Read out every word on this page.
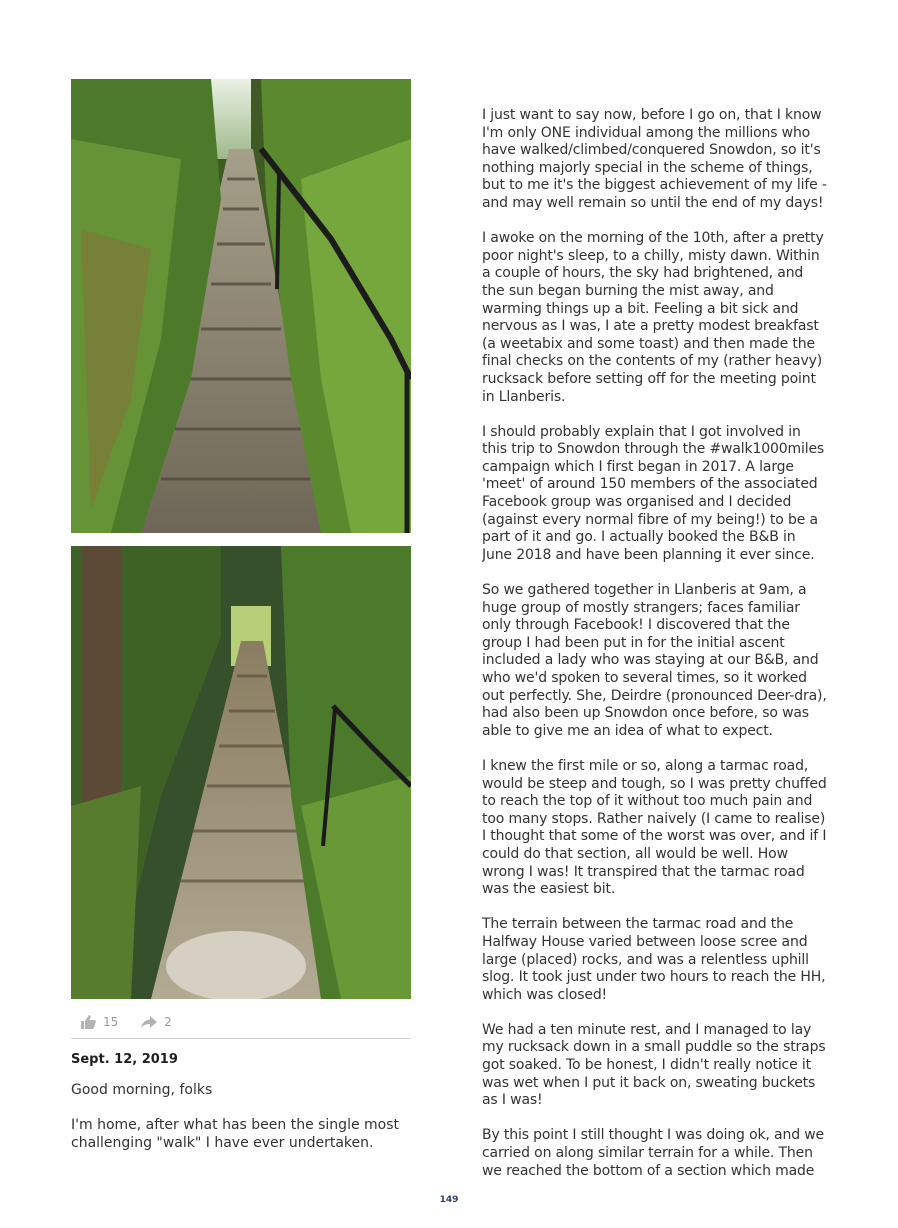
15	2
Sept. 12, 2019
Good morning, folks
I'm home, after what has been the single most challenging "walk" I have ever undertaken.

I just want to say now, before I go on, that I know I'm only ONE individual among the millions who have walked/climbed/conquered Snowdon, so it's nothing majorly special in the scheme of things, but to me it's the biggest achievement of my life - and may well remain so until the end of my days!

I awoke on the morning of the 10th, after a pretty poor night's sleep, to a chilly, misty dawn. Within a couple of hours, the sky had brightened, and the sun began burning the mist away, and warming things up a bit. Feeling a bit sick and nervous as I was, I ate a pretty modest breakfast (a weetabix and some toast) and then made the final checks on the contents of my (rather heavy) rucksack before setting off for the meeting point in Llanberis.

I should probably explain that I got involved in this trip to Snowdon through the #walk1000miles campaign which I first began in 2017. A large 'meet' of around 150 members of the associated Facebook group was organised and I decided (against every normal fibre of my being!) to be a part of it and go. I actually booked the B&B in June 2018 and have been planning it ever since.

So we gathered together in Llanberis at 9am, a huge group of mostly strangers; faces familiar only through Facebook! I discovered that the group I had been put in for the initial ascent included a lady who was staying at our B&B, and who we'd spoken to several times, so it worked out perfectly. She, Deirdre (pronounced Deer-dra), had also been up Snowdon once before, so was able to give me an idea of what to expect.

I knew the first mile or so, along a tarmac road, would be steep and tough, so I was pretty chuffed to reach the top of it without too much pain and too many stops. Rather naively (I came to realise) I thought that some of the worst was over, and if I could do that section, all would be well. How wrong I was! It transpired that the tarmac road was the easiest bit.

The terrain between the tarmac road and the Halfway House varied between loose scree and large (placed) rocks, and was a relentless uphill slog. It took just under two hours to reach the HH, which was closed!

We had a ten minute rest, and I managed to lay my rucksack down in a small puddle so the straps got soaked. To be honest, I didn't really notice it was wet when I put it back on, sweating buckets as I was!

By this point I still thought I was doing ok, and we carried on along similar terrain for a while. Then we reached the bottom of a section which made

149
